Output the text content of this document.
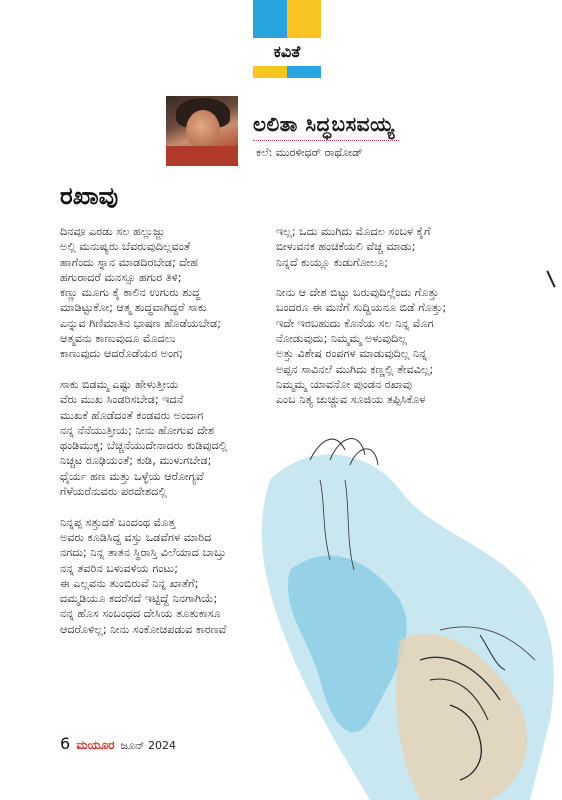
ಕವಿತೆ
ಲಲಿತಾ ಸಿದ್ಧಬಸವಯ್ಯ
ಕಲೆ: ಮುರಳೀಧರ್ ರಾಥೋಡ್
ರಖಾವು
ದಿನವೂ ಎರಡು ಸಲ ಹಲ್ಲುಜ್ಜು
ಅಲ್ಲಿ ಮನುಷ್ಯರು ಬೆವರುವುದಿಲ್ಲವಂತೆ
ಹಾಗೆಂದು ಸ್ನಾನ ಮಾಡದಿರಬೇಡ; ದೇಹ
ಹಗುರಾದರೆ ಮನಸ್ಸೂ ಹಗುರ ತಿಳಿ;
ಕಣ್ಣು ಮೂಗು ಕೈ ಕಾಲಿನ ಉಗುರು ಶುದ್ಧ
ಮಾಡಿಟ್ಟುಕೋ; ಆತ್ಮ ಶುದ್ಧವಾಗಿದ್ದರೆ ಸಾಕು
ಎನ್ನುವ ಗಿಣಿಮಾತಿನ ಭಾಷಣ ಹೊಡೆಯಬೇಡ;
ಆತ್ಮವನು ಕಾಣುವುದೂ ಮೊದಲು
ಕಾಣುವುದು ಆದರೊಡೆಯರ ಅಂಗ;
ಸಾಕು ಬಿಡಮ್ಮ ಎಷ್ಟು ಹೇಳುತ್ತೀಯ
ವೆರು ಮುಖ ಸಿಂಡರಿಸಬೇಡ; ಇದನೆ
ಮುಖಕೆ ಹೊಡೆದಂತೆ ಕಂಡವರು ಅಂದಾಗ
ನನ್ನ ನೆನೆಯುತ್ತೀಯ; ನೀನು ಹೋಗುವ ದೇಶ
ಥಂಡಿಮುಕ್ಕ; ಬೆಚ್ಚನೆಯುದೇನಾದರು ಕುಡಿವುದಲ್ಲಿ
ನಿಚ್ಚಟ ರೂಢಿಯಂತೆ; ಕುಡಿ, ಮುಳುಗಬೇಡ;
ಧೈರ್ಯ ಹಣ ಮತ್ತು ಒಳ್ಳೆಯ ಆರೋಗ್ಯವೆ
ಗೆಳೆಯರೆನುವರು ಪರದೇಶದಲ್ಲಿ
ನಿನ್ನಪ್ಪ ಸತ್ತುದಕೆ ಬಂದಂಥ ಮೊತ್ತ
ಅವರು ಕೂಡಿಸಿದ್ದ ವಸ್ತು ಒಡವೆಗಳ ಮಾರಿದ
ನಗದು; ನಿನ್ನ ತಾತನ ಸ್ಥಿರಾಸ್ತಿ ವಿಲೆಯಾದ ಬಾಬ್ತು
ನನ್ನ ತವರಿನ ಬಳುವಳಿಯ ಗಂಟು;
ಈ ಎಲ್ಲವನು ತುಂಬಿರುವೆ ನಿನ್ನ ಖಾತೆಗೆ;
ದಮ್ಮಡಿಯೂ ಕದರೆಸದೆ ಇಟ್ಟಿದ್ದೆ ನಿನಗಾಗಿಯೆ;
ನನ್ನ ಹೊಸ ಸಂಬಂಧದ ದೇಸಿಯ ತೂತುಕಾಸೂ
ಆದರೊಳಿಲ್ಲ; ನೀನು ಸಂಕೋಚಪಡುವ ಕಾರಣವೆ
ಇಲ್ಲ; ಒದು ಮುಗಿದು ಮೊದಲ ಸಂಬಳ ಕೈಗೆ
ಬೀಳುವನಕ ಹಂಚಿಕೆಯಲಿ ವೆಚ್ಚ ಮಾಡು;
ನಿನ್ನದೆ ಕುಯ್ಲೂ ಕುಡುಗೋಲೂ;
ನೀನು ಆ ದೇಶ ಬಿಟ್ಟು ಬರುವುದಿಲ್ಲೆಂದು ಗೊತ್ತು
ಬಂದರೂ ಈ ಮನೆಗೆ ಸುದ್ದಿಯನೂ ಬಿಡೆ ಗೊತ್ತು;
ಇದೇ ಇರಬಹುದು ಕೊನೆಯ ಸಲ ನಿನ್ನ ಮೊಗ
ನೋಡುವುದು; ನಿಮ್ಮಮ್ಮ ಅಳುವುದಿಲ್ಲ
ಅತ್ತು ವಿಶೇಷ ರಂಪಗಳ ಮಾಡುವುದಿಲ್ಲ ನಿನ್ನ
ಅಪ್ಪನ ಸಾವಿನಲೆ ಮುಗಿದು ಕಣ್ಣಲ್ಲಿ ತೇವವಿಲ್ಲ;
ನಿಮ್ಮಮ್ಮ ಯಾವನೋ ಪುಂಡನ ರಖಾವು
ಎಂಬ ನಿತ್ಯ ಚುಚ್ಚುವ ಸೂಜಿಯ ತಪ್ಪಿಸಿಕೊಳ
6 ಮಯೂರ ಜೂನ್ 2024
